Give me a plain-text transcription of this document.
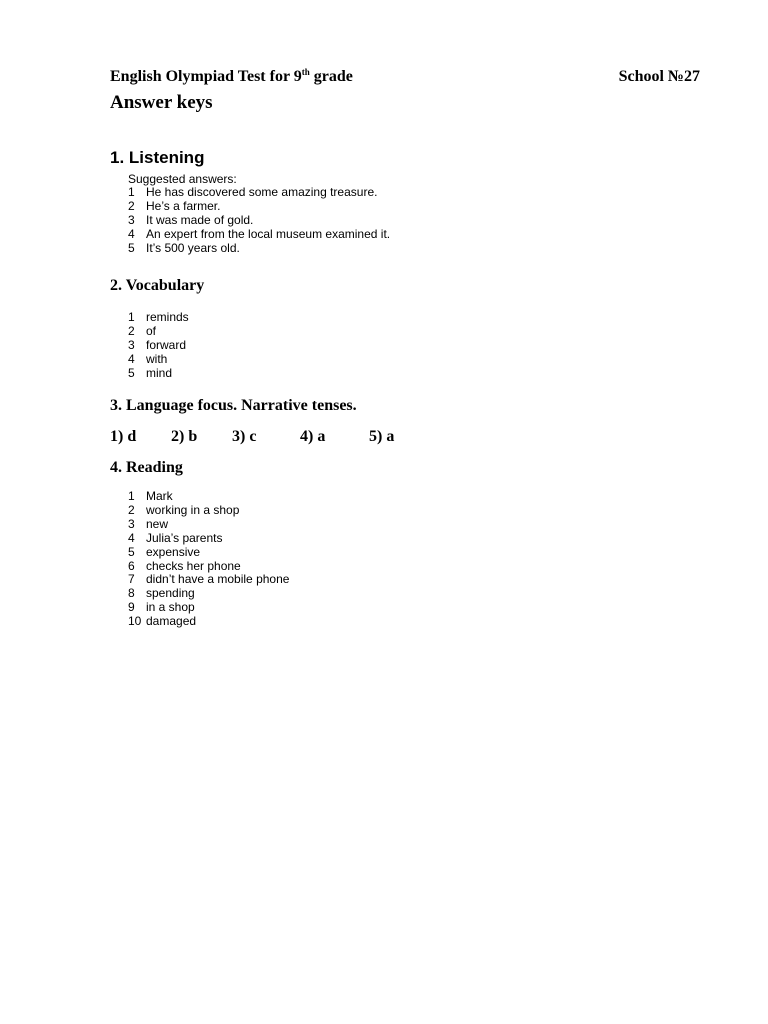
English Olympiad Test for 9th grade	School №27
Answer keys
1. Listening
Suggested answers:
1 He has discovered some amazing treasure.
2 He’s a farmer.
3 It was made of gold.
4 An expert from the local museum examined it.
5 It’s 500 years old.
2. Vocabulary
1 reminds
2 of
3 forward
4 with
5 mind
3. Language focus. Narrative tenses.
1) d 2) b 3) c	4) a	5) a
4. Reading
1 Mark
2 working in a shop
3 new
4 Julia’s parents
5 expensive
6 checks her phone
7 didn’t have a mobile phone
8 spending
9 in a shop
10 damaged
